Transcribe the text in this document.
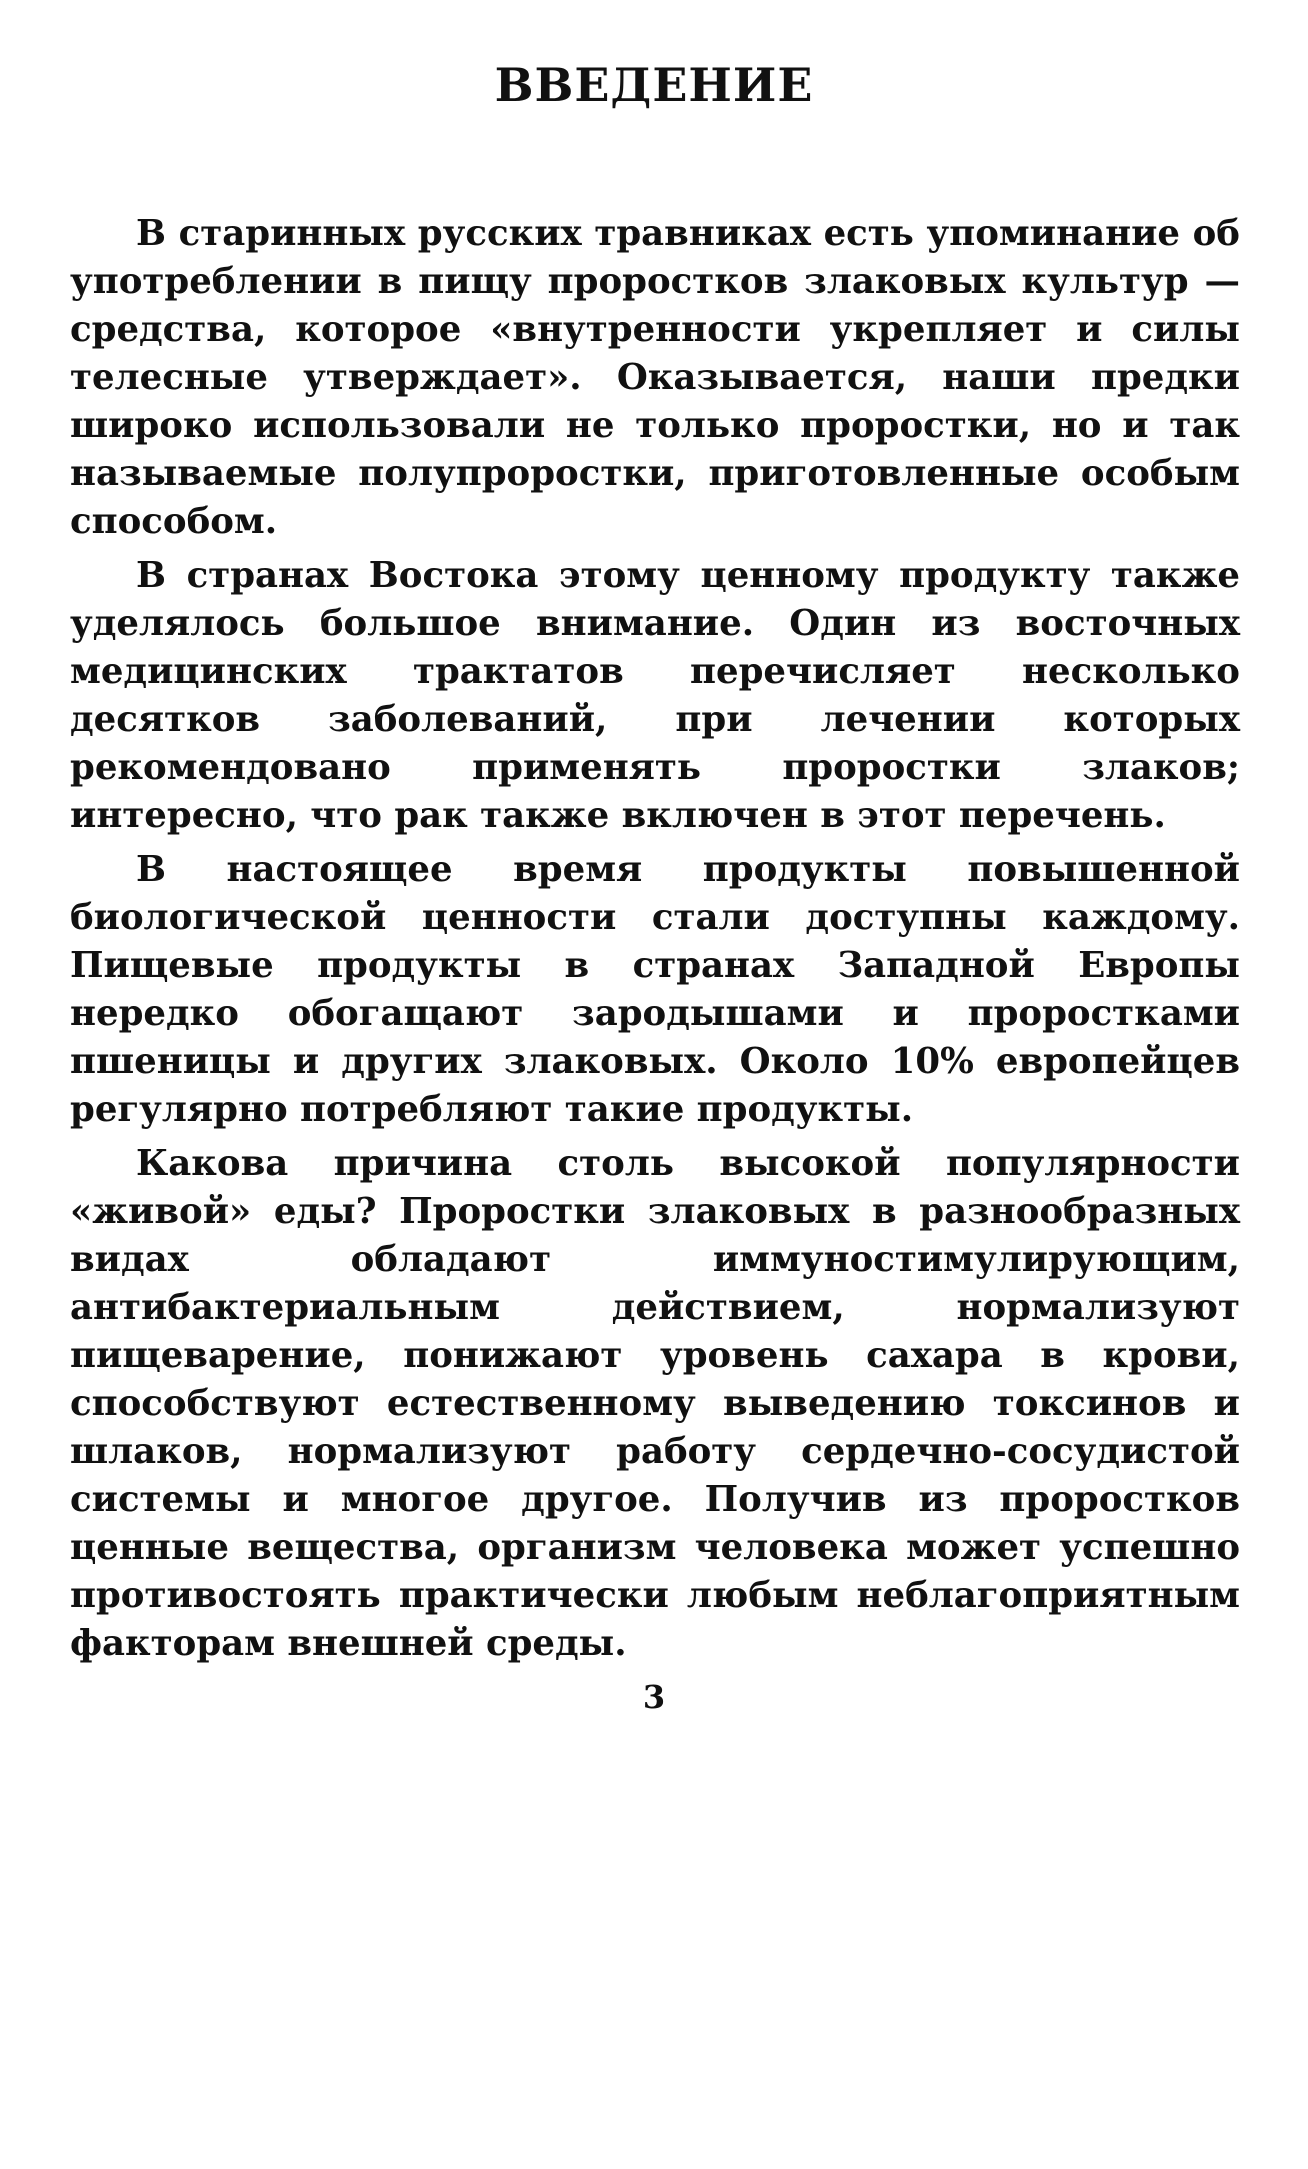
ВВЕДЕНИЕ

В старинных русских травниках есть упоминание об употреблении в пищу проростков злаковых культур — средства, которое «внутренности укрепляет и силы телесные утверждает». Оказывается, наши предки широко использовали не только проростки, но и так называемые полупроростки, приготовленные особым способом.

В странах Востока этому ценному продукту также уделялось большое внимание. Один из восточных медицинских трактатов перечисляет несколько десятков заболеваний, при лечении которых рекомендовано применять проростки злаков; интересно, что рак также включен в этот перечень.

В настоящее время продукты повышенной биологической ценности стали доступны каждому. Пищевые продукты в странах Западной Европы нередко обогащают зародышами и проростками пшеницы и других злаковых. Около 10% европейцев регулярно потребляют такие продукты.

Какова причина столь высокой популярности «живой» еды? Проростки злаковых в разнообразных видах обладают иммуностимулирующим, антибактериальным действием, нормализуют пищеварение, понижают уровень сахара в крови, способствуют естественному выведению токсинов и шлаков, нормализуют работу сердечно-сосудистой системы и многое другое. Получив из проростков ценные вещества, организм человека может успешно противостоять практически любым неблагоприятным факторам внешней среды.

3
